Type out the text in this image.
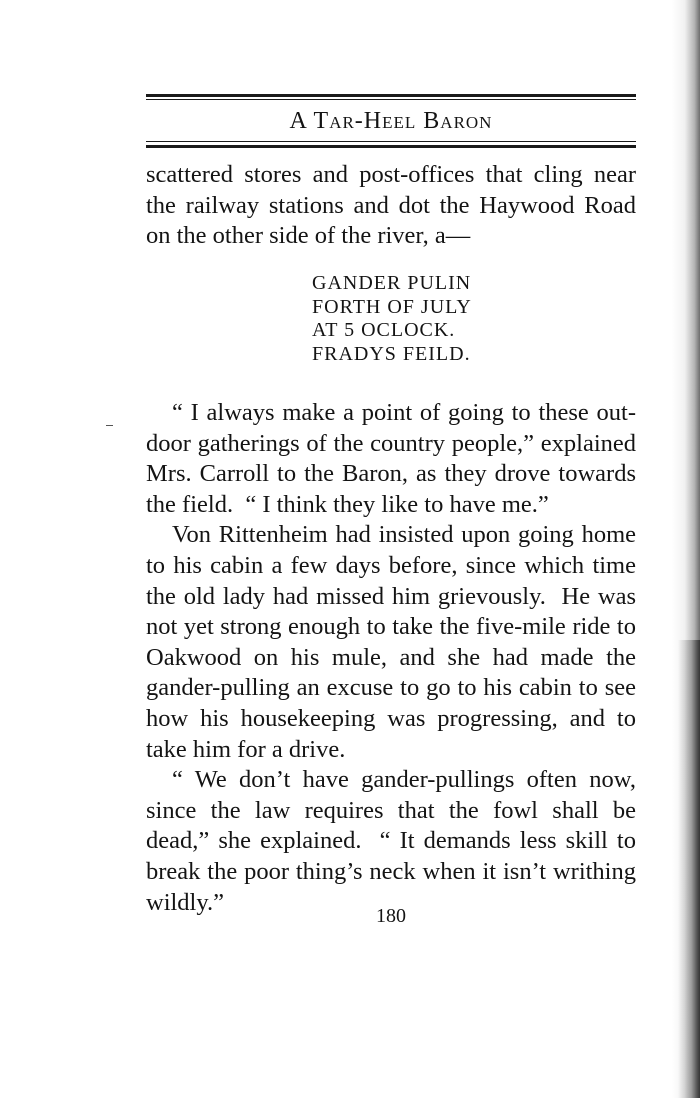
A Tar-Heel Baron

scattered stores and post-offices that cling near the railway stations and dot the Haywood Road on the other side of the river, a—

GANDER PULIN
FORTH OF JULY
AT 5 OCLOCK.
FRADYS FEILD.

“ I always make a point of going to these out-door gatherings of the country people,” explained Mrs. Carroll to the Baron, as they drove towards the field.  “ I think they like to have me.”

Von Rittenheim had insisted upon going home to his cabin a few days before, since which time the old lady had missed him grievously.  He was not yet strong enough to take the five-mile ride to Oakwood on his mule, and she had made the gander-pulling an excuse to go to his cabin to see how his housekeeping was progressing, and to take him for a drive.

“ We don’t have gander-pullings often now, since the law requires that the fowl shall be dead,” she explained.  “ It demands less skill to break the poor thing’s neck when it isn’t writhing wildly.”

180
